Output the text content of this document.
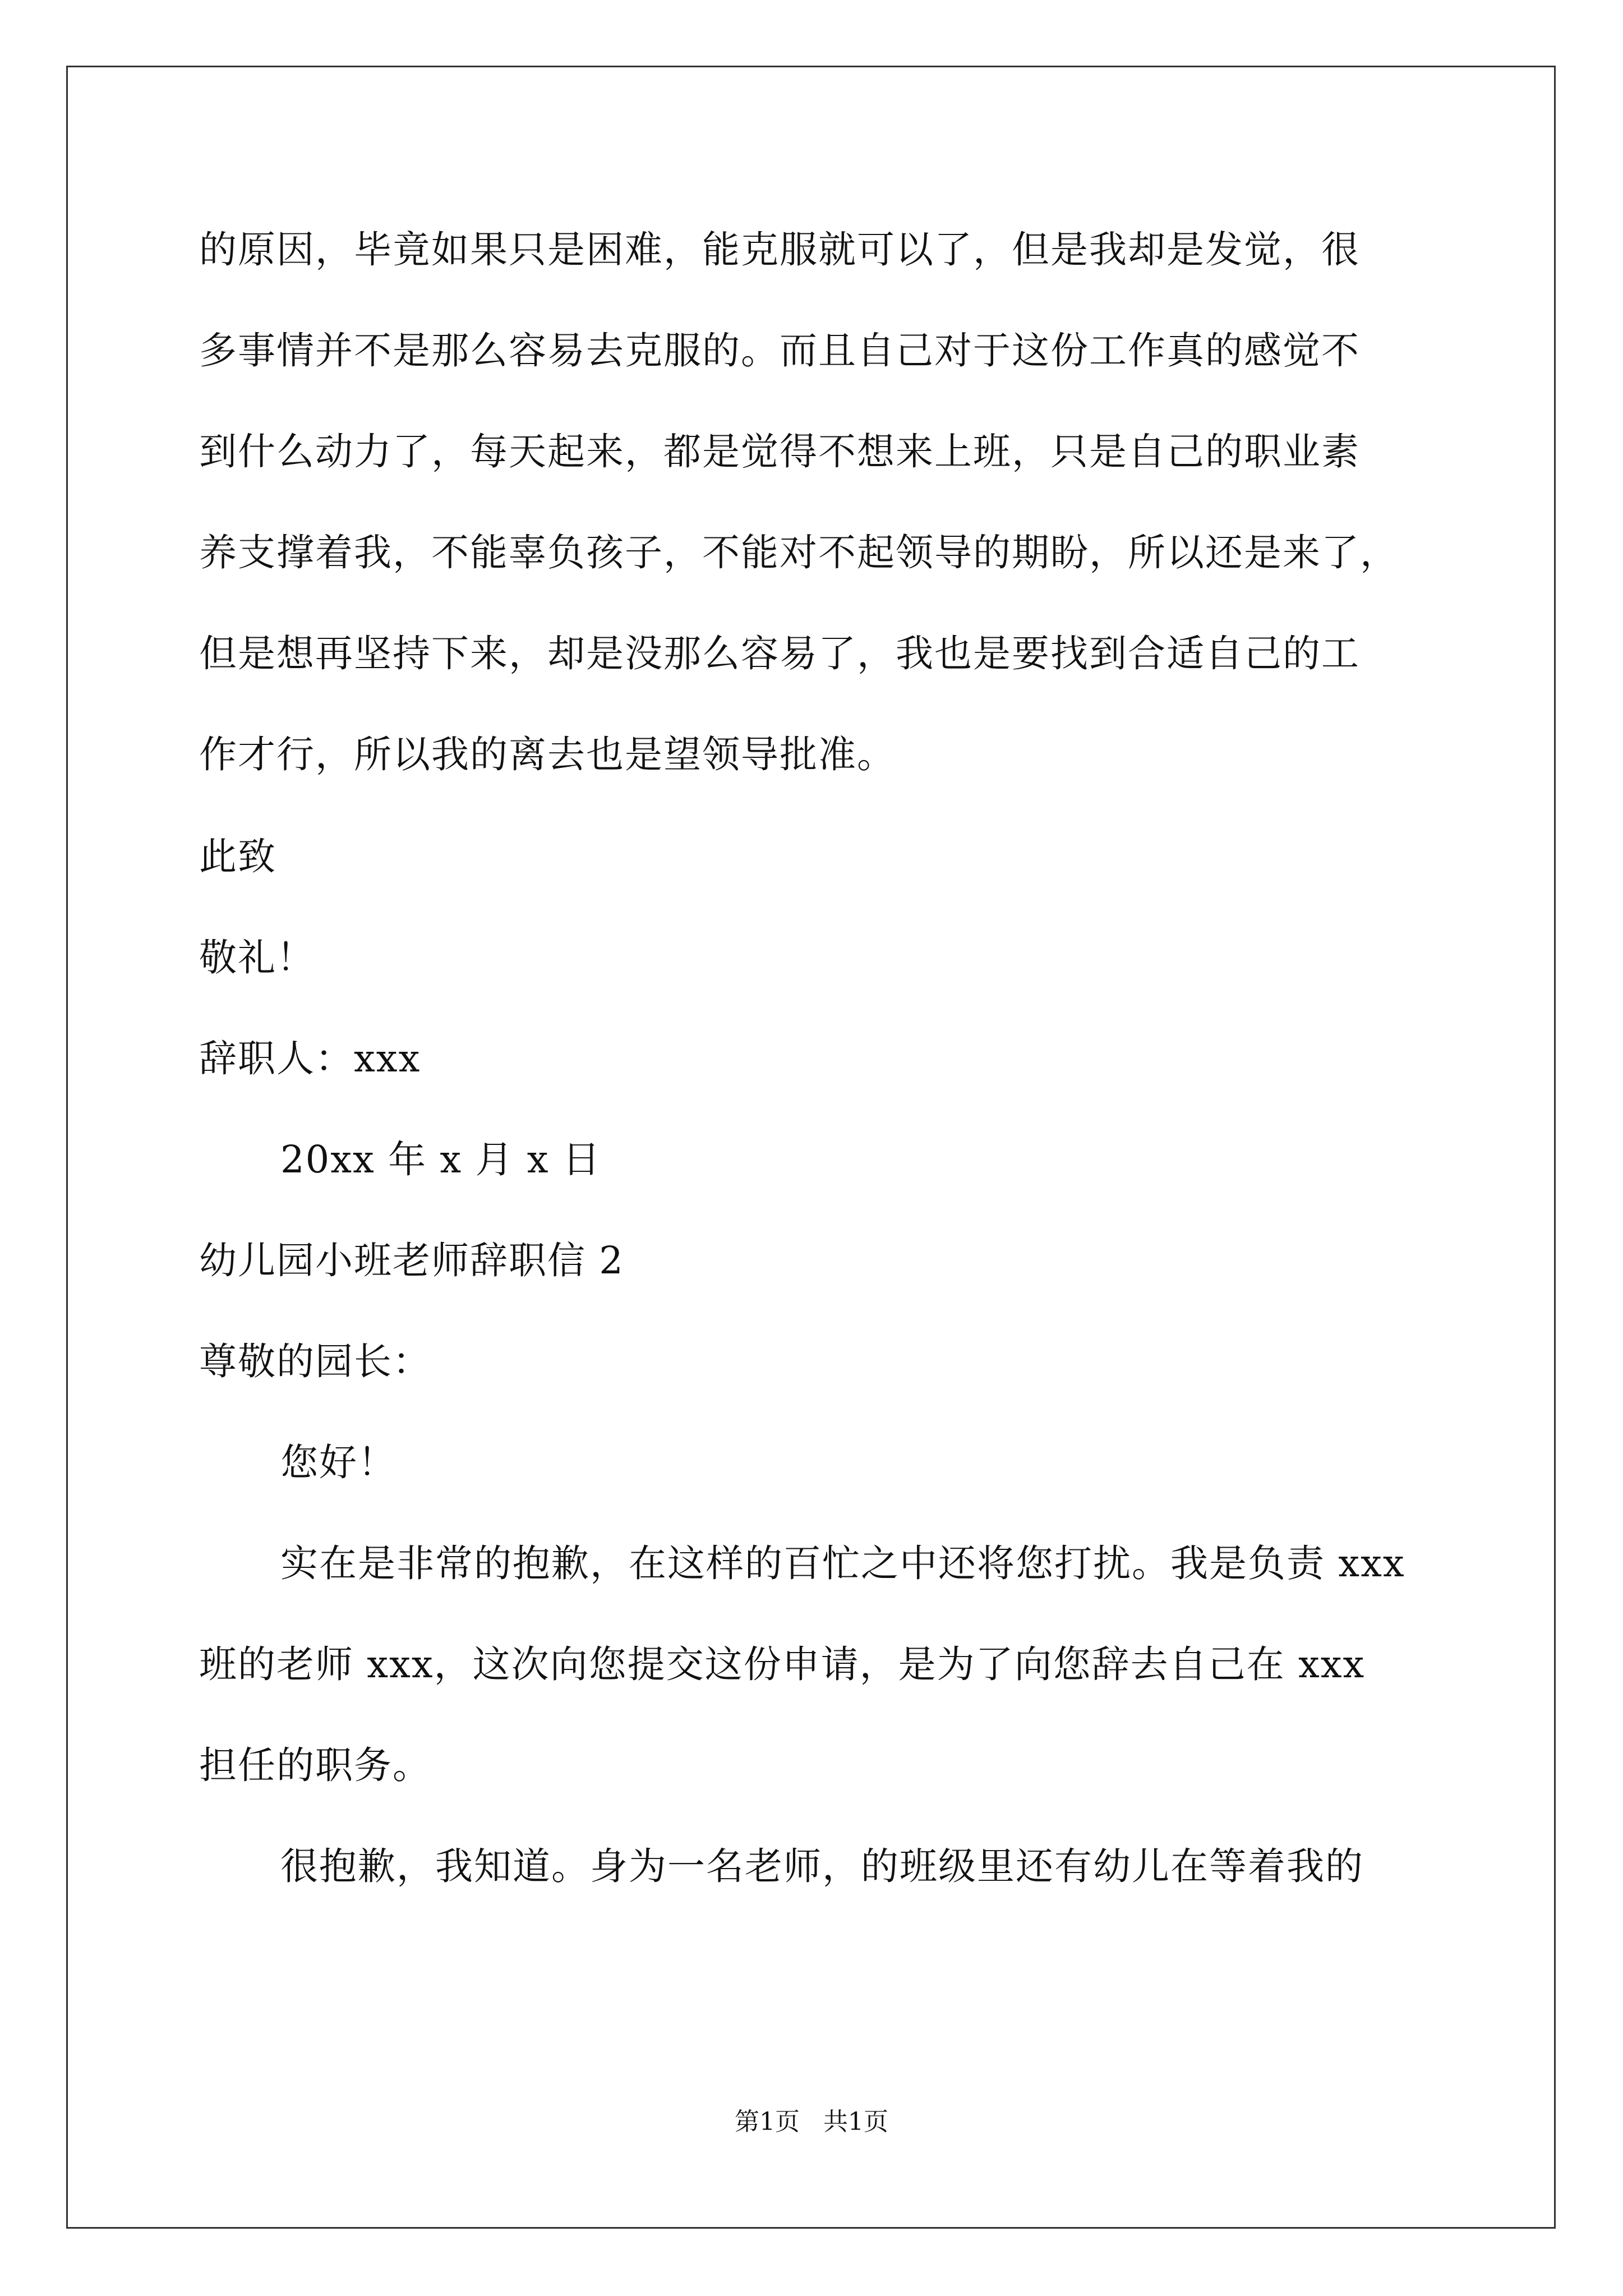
的原因，毕竟如果只是困难，能克服就可以了，但是我却是发觉，很
多事情并不是那么容易去克服的。而且自己对于这份工作真的感觉不
到什么动力了，每天起来，都是觉得不想来上班，只是自己的职业素
养支撑着我，不能辜负孩子，不能对不起领导的期盼，所以还是来了，
但是想再坚持下来，却是没那么容易了，我也是要找到合适自己的工
作才行，所以我的离去也是望领导批准。
此致
敬礼！
辞职人：xxx
20xx 年 x 月 x 日
幼儿园小班老师辞职信 2
尊敬的园长：
您好！
实在是非常的抱歉，在这样的百忙之中还将您打扰。我是负责 xxx
班的老师 xxx，这次向您提交这份申请，是为了向您辞去自己在 xxx
担任的职务。
很抱歉，我知道。身为一名老师，的班级里还有幼儿在等着我的
第1页   共1页
